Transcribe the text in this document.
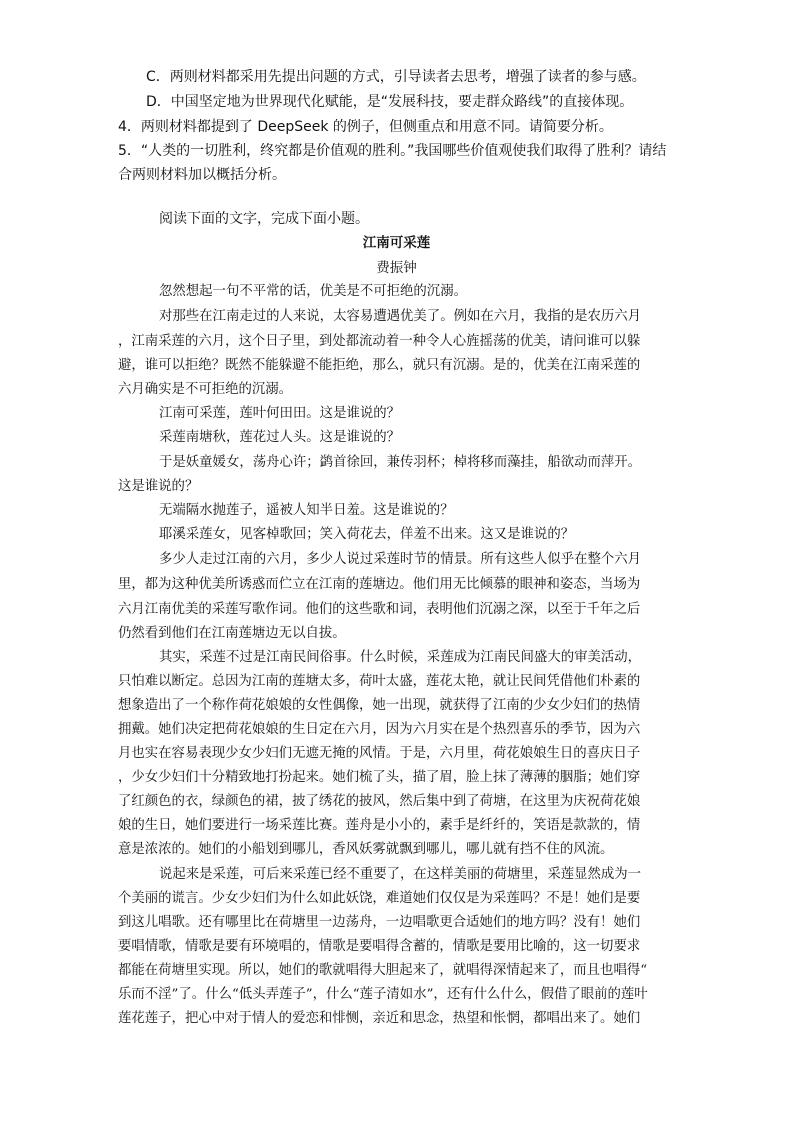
C．两则材料都采用先提出问题的方式，引导读者去思考，增强了读者的参与感。
D．中国坚定地为世界现代化赋能，是“发展科技，要走群众路线”的直接体现。
4．两则材料都提到了 DeepSeek 的例子，但侧重点和用意不同。请简要分析。
5．“人类的一切胜利，终究都是价值观的胜利。”我国哪些价值观使我们取得了胜利？请结
合两则材料加以概括分析。
阅读下面的文字，完成下面小题。
江南可采莲
费振钟
忽然想起一句不平常的话，优美是不可拒绝的沉溺。
对那些在江南走过的人来说，太容易遭遇优美了。例如在六月，我指的是农历六月
，江南采莲的六月，这个日子里，到处都流动着一种令人心旌摇荡的优美，请问谁可以躲
避，谁可以拒绝？既然不能躲避不能拒绝，那么，就只有沉溺。是的，优美在江南采莲的
六月确实是不可拒绝的沉溺。
江南可采莲，莲叶何田田。这是谁说的？
采莲南塘秋，莲花过人头。这是谁说的？
于是妖童媛女，荡舟心许；鹢首徐回，兼传羽杯；棹将移而藻挂，船欲动而萍开。
这是谁说的？
无端隔水抛莲子，遥被人知半日羞。这是谁说的？
耶溪采莲女，见客棹歌回；笑入荷花去，佯羞不出来。这又是谁说的？
多少人走过江南的六月，多少人说过采莲时节的情景。所有这些人似乎在整个六月
里，都为这种优美所诱惑而伫立在江南的莲塘边。他们用无比倾慕的眼神和姿态，当场为
六月江南优美的采莲写歌作词。他们的这些歌和词，表明他们沉溺之深，以至于千年之后
仍然看到他们在江南莲塘边无以自拔。
其实，采莲不过是江南民间俗事。什么时候，采莲成为江南民间盛大的审美活动，
只怕难以断定。总因为江南的莲塘太多，荷叶太盛，莲花太艳，就让民间凭借他们朴素的
想象造出了一个称作荷花娘娘的女性偶像，她一出现，就获得了江南的少女少妇们的热情
拥戴。她们决定把荷花娘娘的生日定在六月，因为六月实在是个热烈喜乐的季节，因为六
月也实在容易表现少女少妇们无遮无掩的风情。于是，六月里，荷花娘娘生日的喜庆日子
，少女少妇们十分精致地打扮起来。她们梳了头，描了眉，脸上抹了薄薄的胭脂；她们穿
了红颜色的衣，绿颜色的裙，披了绣花的披风，然后集中到了荷塘，在这里为庆祝荷花娘
娘的生日，她们要进行一场采莲比赛。莲舟是小小的，素手是纤纤的，笑语是款款的，情
意是浓浓的。她们的小船划到哪儿，香风妖雾就飘到哪儿，哪儿就有挡不住的风流。
说起来是采莲，可后来采莲已经不重要了，在这样美丽的荷塘里，采莲显然成为一
个美丽的谎言。少女少妇们为什么如此妖饶，难道她们仅仅是为采莲吗？不是！她们是要
到这儿唱歌。还有哪里比在荷塘里一边荡舟，一边唱歌更合适她们的地方吗？没有！她们
要唱情歌，情歌是要有环境唱的，情歌是要唱得含蓄的，情歌是要用比喻的，这一切要求
都能在荷塘里实现。所以，她们的歌就唱得大胆起来了，就唱得深情起来了，而且也唱得“
乐而不淫”了。什么“低头弄莲子”，什么“莲子清如水”，还有什么什么，假借了眼前的莲叶
莲花莲子，把心中对于情人的爱恋和悱恻，亲近和思念，热望和怅惘，都唱出来了。她们
